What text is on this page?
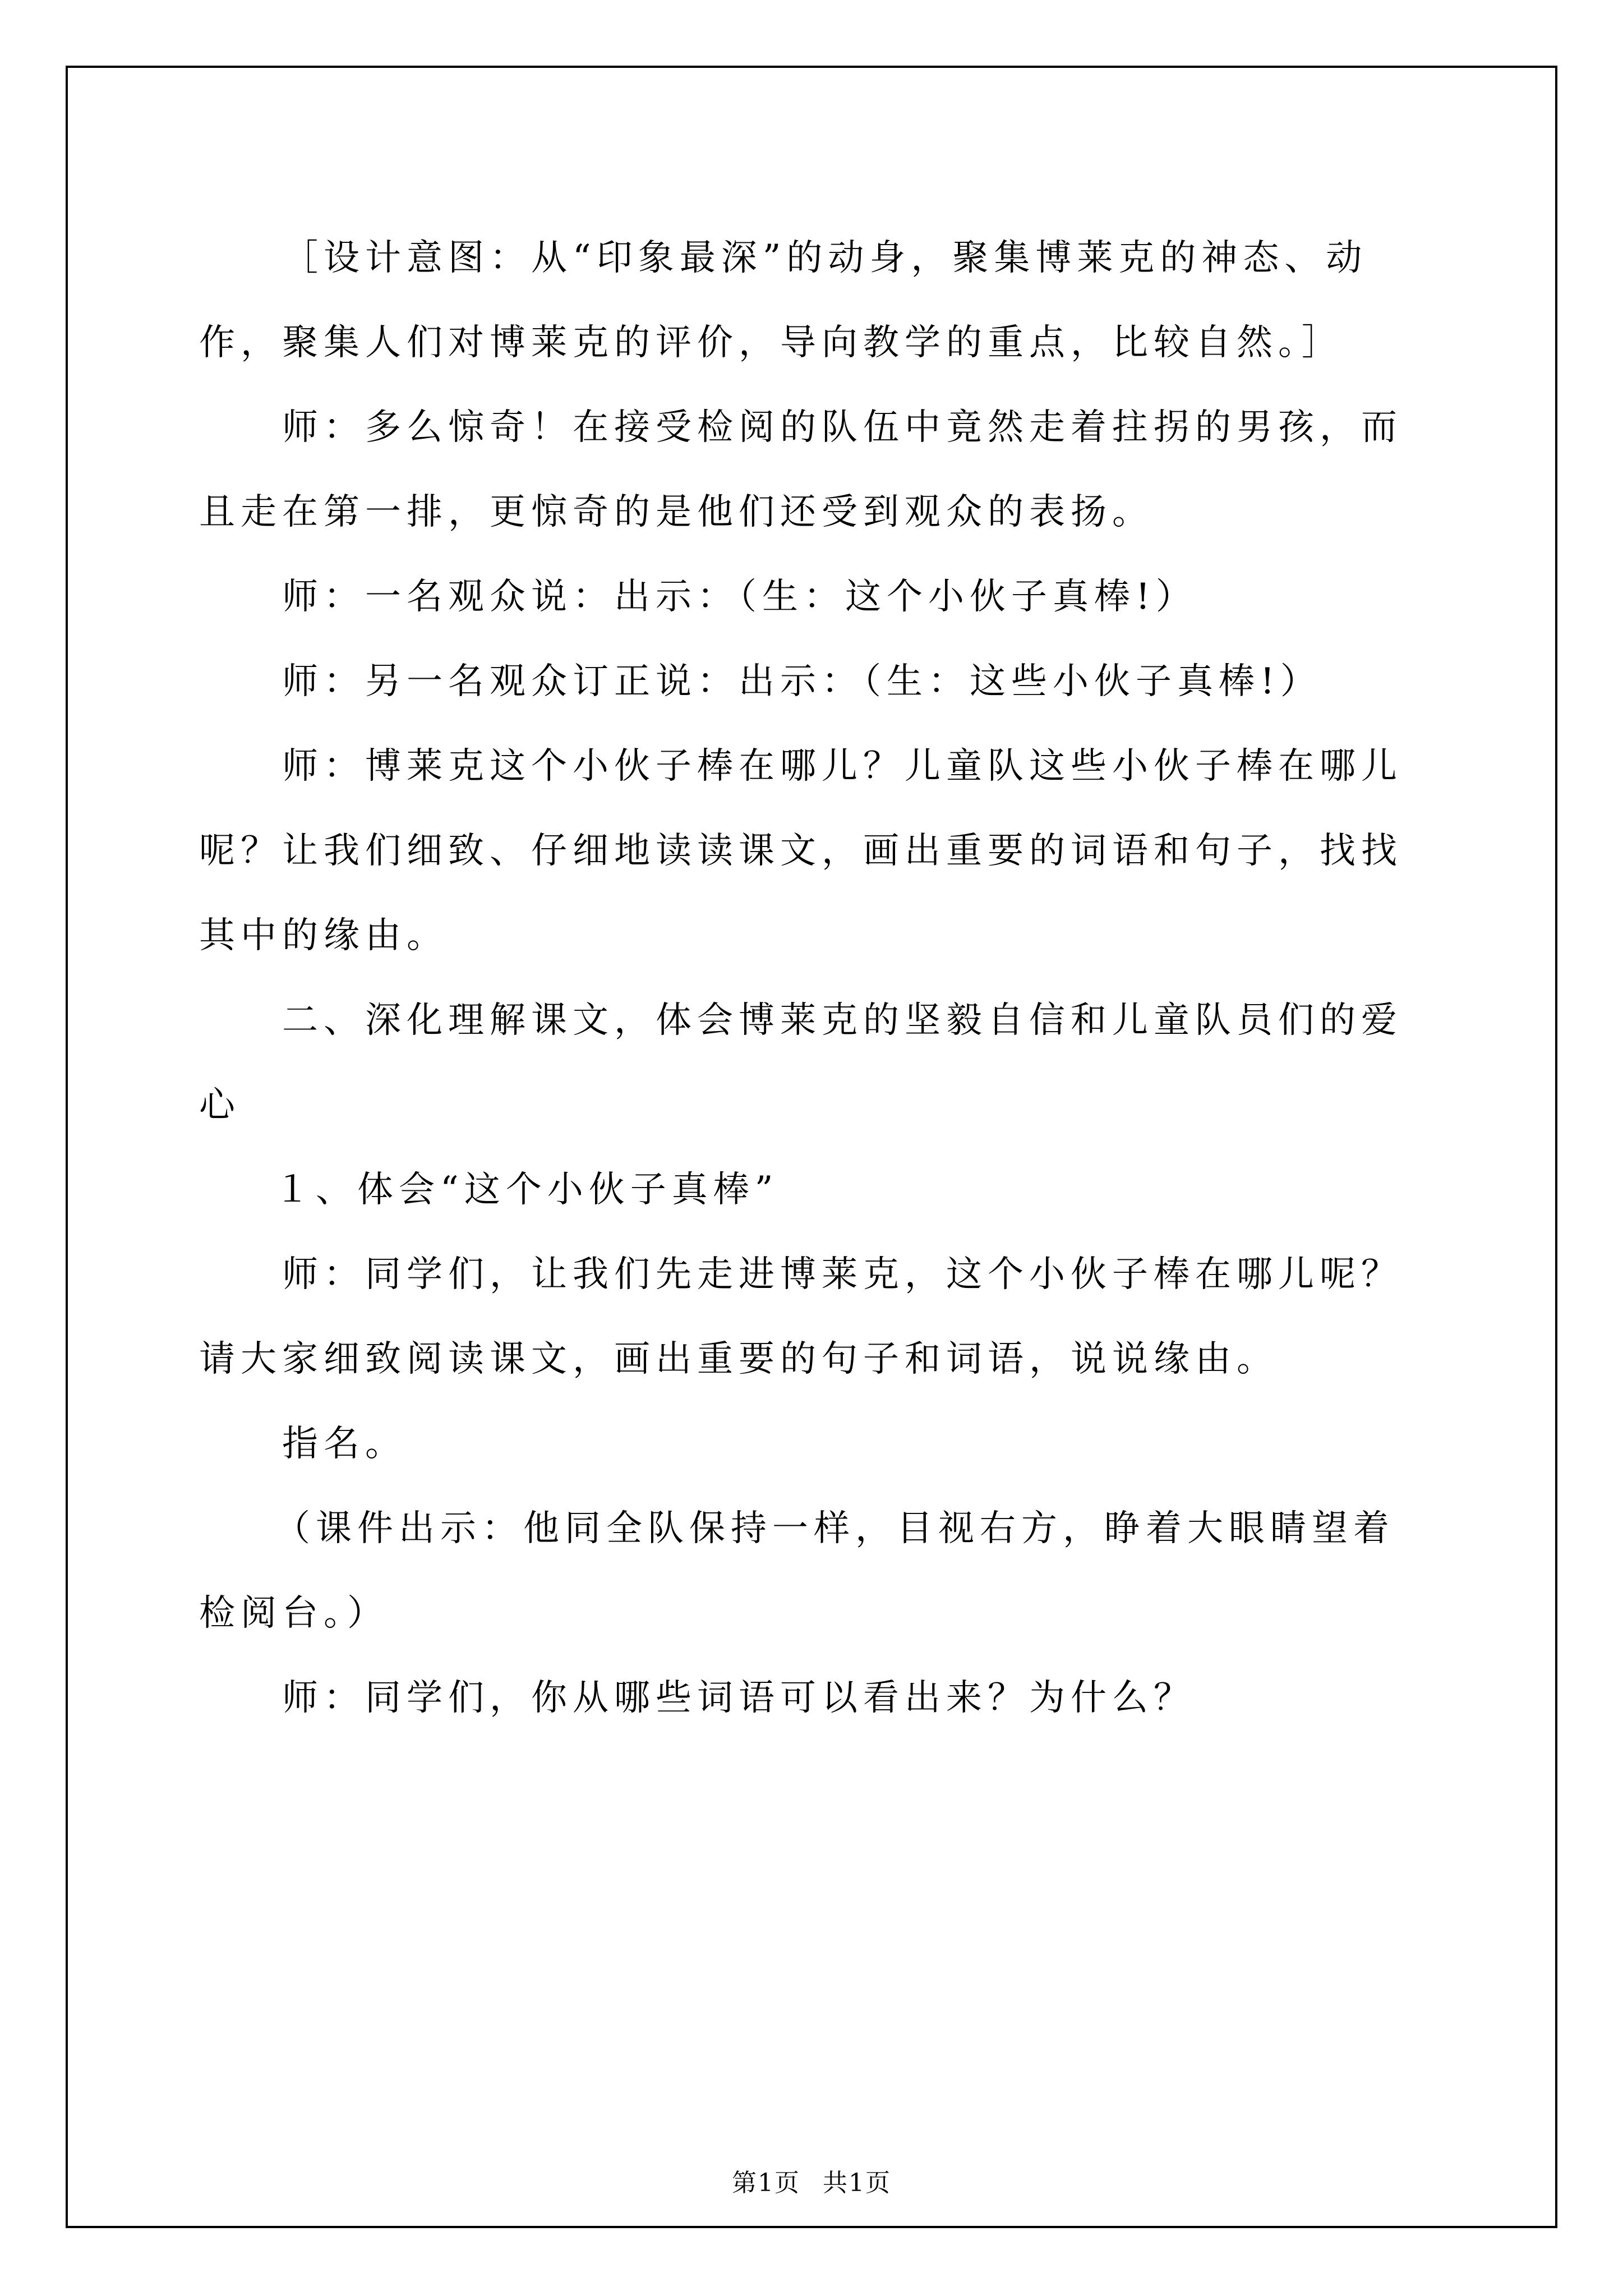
［设计意图：从“印象最深”的动身，聚集博莱克的神态、动作，聚集人们对博莱克的评价，导向教学的重点，比较自然。］

师：多么惊奇！在接受检阅的队伍中竟然走着拄拐的男孩，而且走在第一排，更惊奇的是他们还受到观众的表扬。

师：一名观众说：出示：（生：这个小伙子真棒!）

师：另一名观众订正说：出示：（生：这些小伙子真棒!）

师：博莱克这个小伙子棒在哪儿？儿童队这些小伙子棒在哪儿呢？让我们细致、仔细地读读课文，画出重要的词语和句子，找找其中的缘由。

二、深化理解课文，体会博莱克的坚毅自信和儿童队员们的爱心

１、体会“这个小伙子真棒”

师：同学们，让我们先走进博莱克，这个小伙子棒在哪儿呢？请大家细致阅读课文，画出重要的句子和词语，说说缘由。

指名。

（课件出示：他同全队保持一样，目视右方，睁着大眼睛望着检阅台。）

师：同学们，你从哪些词语可以看出来？为什么？

第1页 共1页
